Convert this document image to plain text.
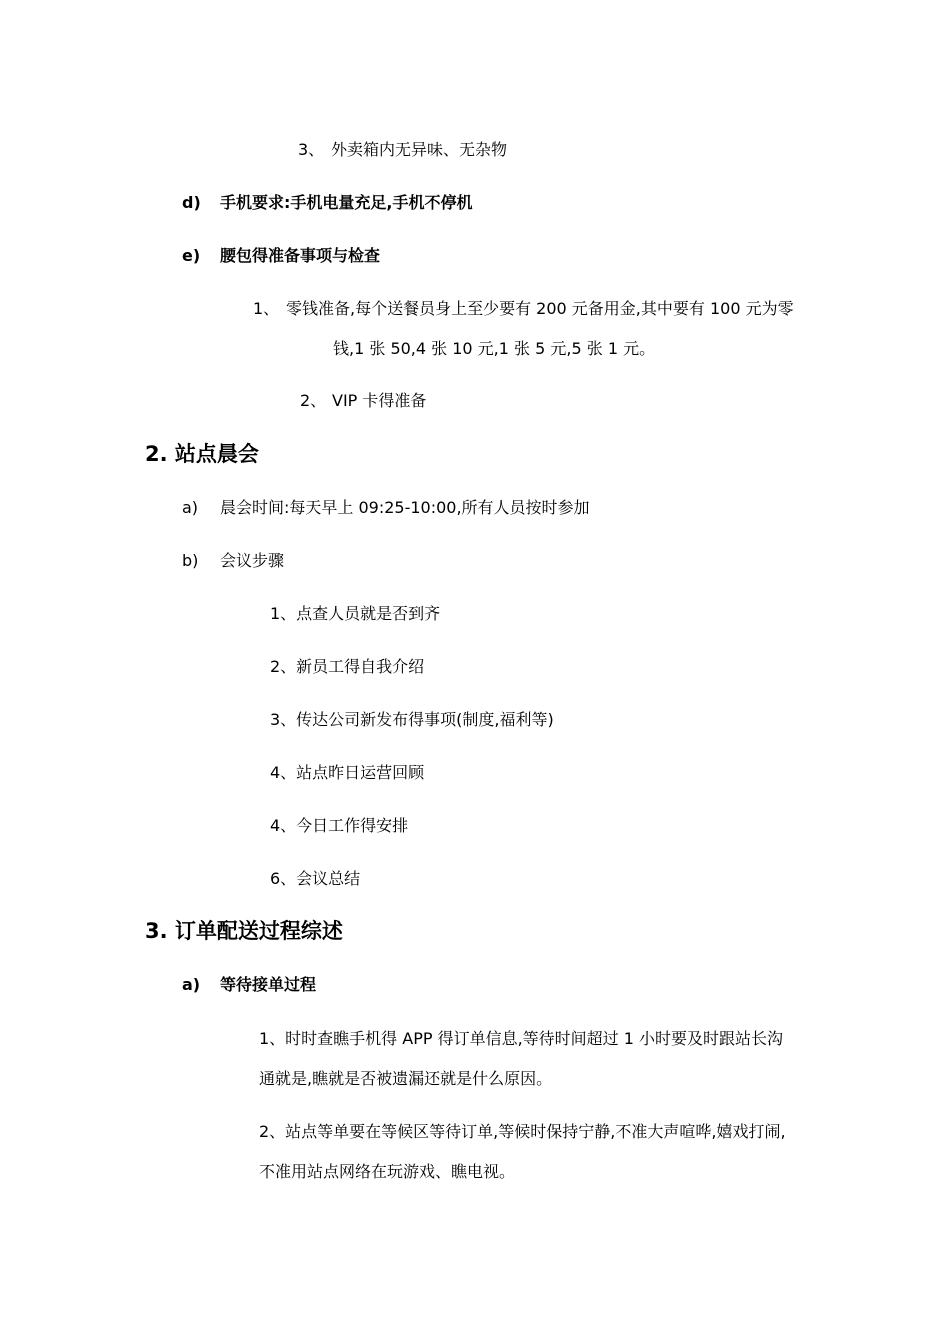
3、 外卖箱内无异味、无杂物
d) 手机要求:手机电量充足,手机不停机
e) 腰包得准备事项与检查
1、 零钱准备,每个送餐员身上至少要有 200 元备用金,其中要有 100 元为零
钱,1 张 50,4 张 10 元,1 张 5 元,5 张 1 元。
2、 VIP 卡得准备
2. 站点晨会
a) 晨会时间:每天早上 09:25-10:00,所有人员按时参加
b) 会议步骤
1、点查人员就是否到齐
2、新员工得自我介绍
3、传达公司新发布得事项(制度,福利等)
4、站点昨日运营回顾
4、今日工作得安排
6、会议总结
3. 订单配送过程综述
a) 等待接单过程
1、时时查瞧手机得 APP 得订单信息,等待时间超过 1 小时要及时跟站长沟
通就是,瞧就是否被遗漏还就是什么原因。
2、站点等单要在等候区等待订单,等候时保持宁静,不准大声喧哗,嬉戏打闹,
不准用站点网络在玩游戏、瞧电视。
